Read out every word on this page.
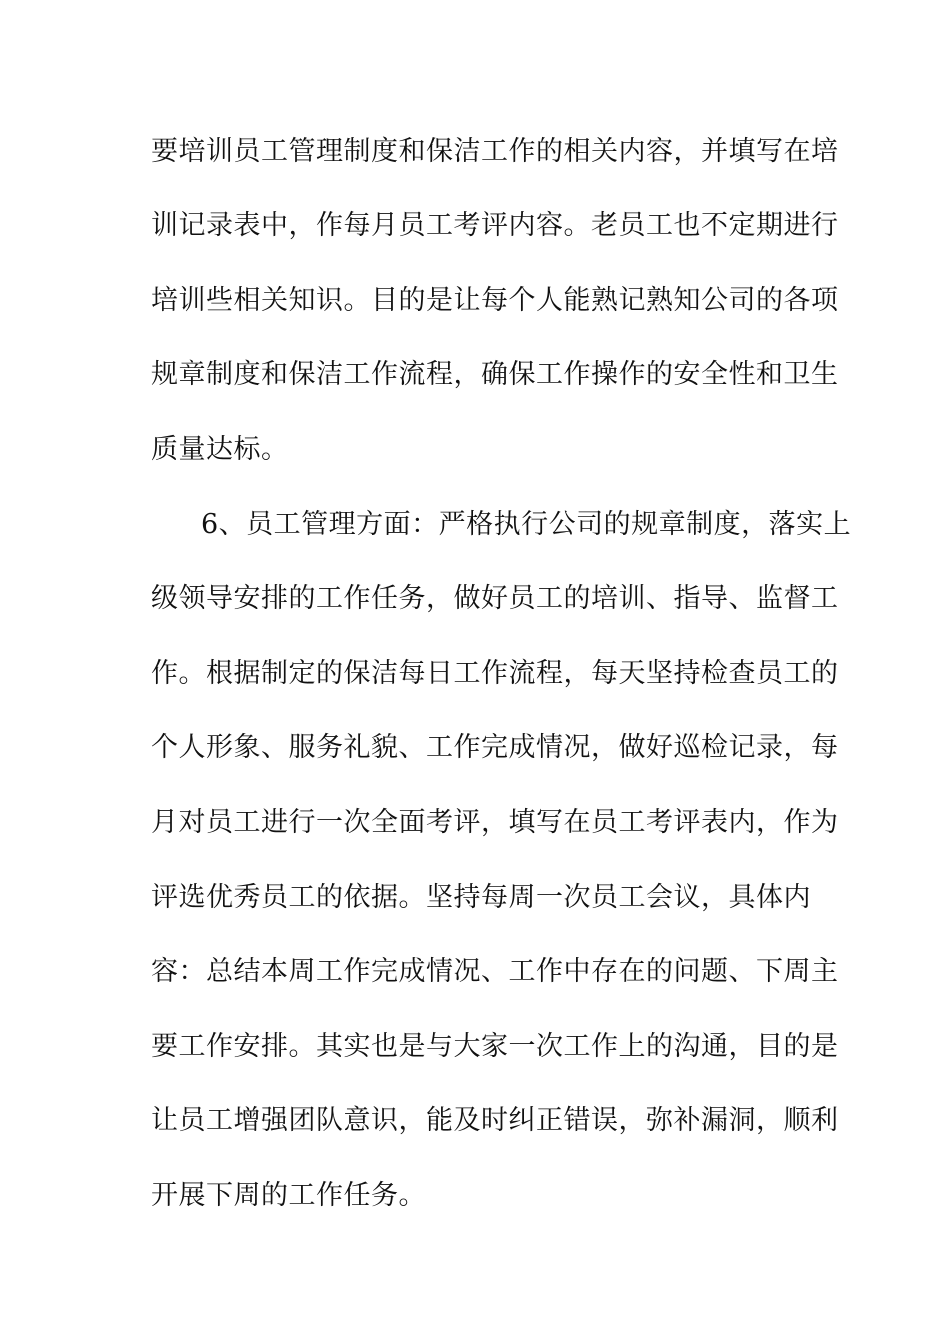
要培训员工管理制度和保洁工作的相关内容，并填写在培
训记录表中，作每月员工考评内容。老员工也不定期进行
培训些相关知识。目的是让每个人能熟记熟知公司的各项
规章制度和保洁工作流程，确保工作操作的安全性和卫生
质量达标。
6、员工管理方面：严格执行公司的规章制度，落实上
级领导安排的工作任务，做好员工的培训、指导、监督工
作。根据制定的保洁每日工作流程，每天坚持检查员工的
个人形象、服务礼貌、工作完成情况，做好巡检记录，每
月对员工进行一次全面考评，填写在员工考评表内，作为
评选优秀员工的依据。坚持每周一次员工会议，具体内
容：总结本周工作完成情况、工作中存在的问题、下周主
要工作安排。其实也是与大家一次工作上的沟通，目的是
让员工增强团队意识，能及时纠正错误，弥补漏洞，顺利
开展下周的工作任务。
